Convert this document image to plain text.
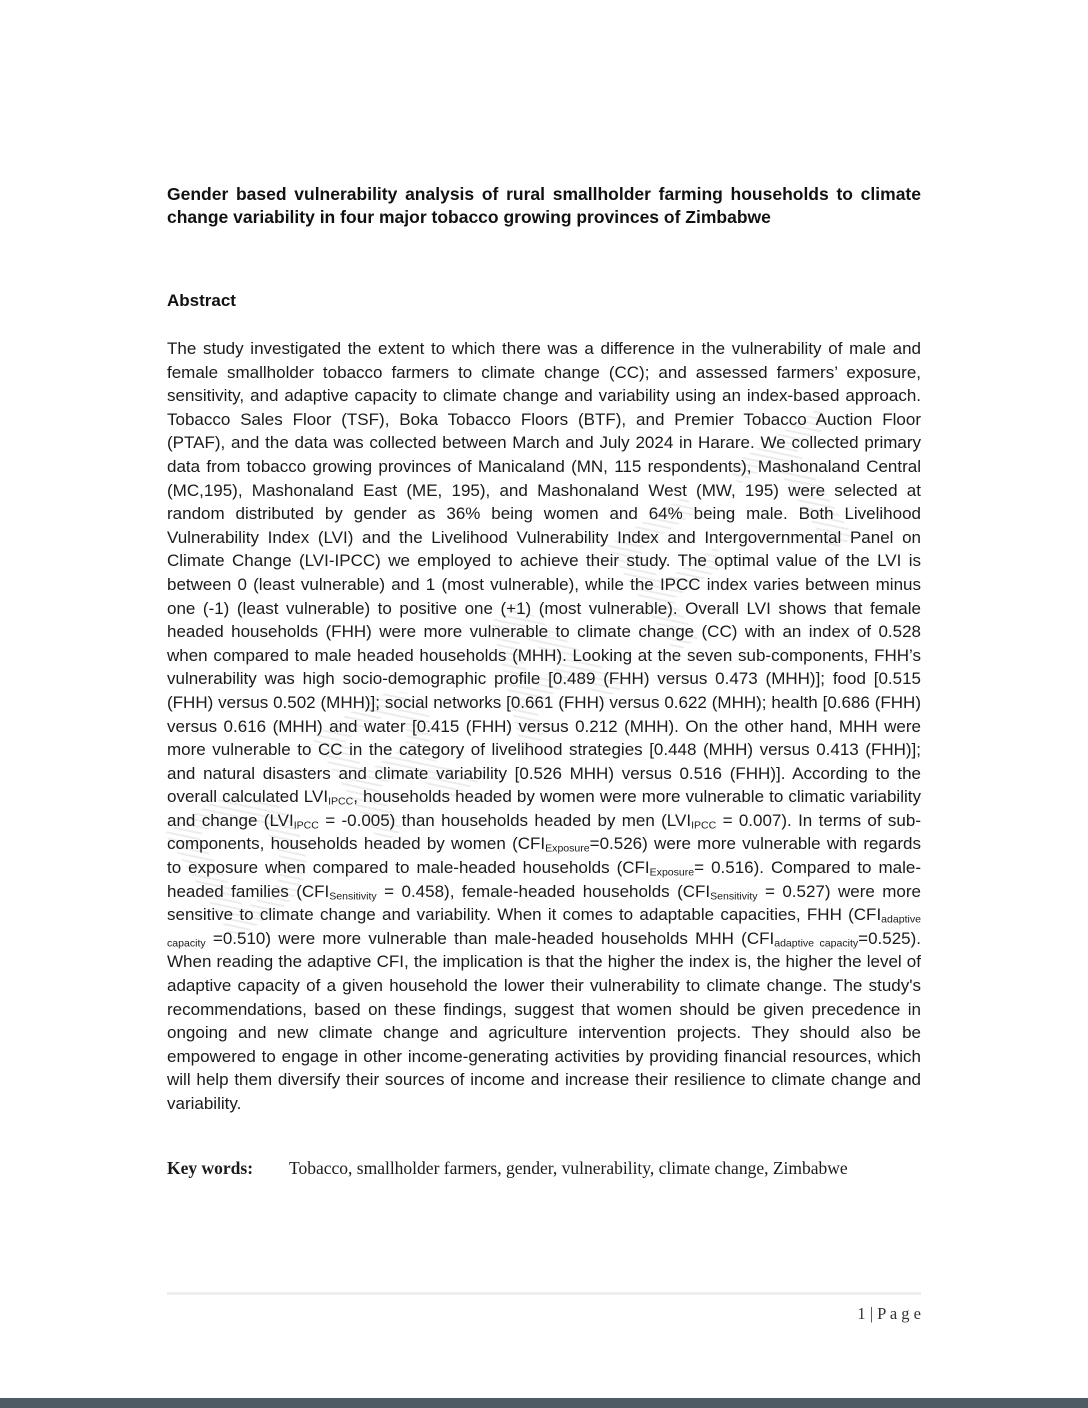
DRAFT
Gender based vulnerability analysis of rural smallholder farming households to climate change variability in four major tobacco growing provinces of Zimbabwe
Abstract

The study investigated the extent to which there was a difference in the vulnerability of male and female smallholder tobacco farmers to climate change (CC); and assessed farmers’ exposure, sensitivity, and adaptive capacity to climate change and variability using an index-based approach. Tobacco Sales Floor (TSF), Boka Tobacco Floors (BTF), and Premier Tobacco Auction Floor (PTAF), and the data was collected between March and July 2024 in Harare. We collected primary data from tobacco growing provinces of Manicaland (MN, 115 respondents), Mashonaland Central (MC,195), Mashonaland East (ME, 195), and Mashonaland West (MW, 195) were selected at random distributed by gender as 36% being women and 64% being male. Both Livelihood Vulnerability Index (LVI) and the Livelihood Vulnerability Index and Intergovernmental Panel on Climate Change (LVI-IPCC) we employed to achieve their study. The optimal value of the LVI is between 0 (least vulnerable) and 1 (most vulnerable), while the IPCC index varies between minus one (-1) (least vulnerable) to positive one (+1) (most vulnerable). Overall LVI shows that female headed households (FHH) were more vulnerable to climate change (CC) with an index of 0.528 when compared to male headed households (MHH). Looking at the seven sub-components, FHH’s vulnerability was high socio-demographic profile [0.489 (FHH) versus 0.473 (MHH)]; food [0.515 (FHH) versus 0.502 (MHH)]; social networks [0.661 (FHH) versus 0.622 (MHH); health [0.686 (FHH) versus 0.616 (MHH) and water [0.415 (FHH) versus 0.212 (MHH). On the other hand, MHH were more vulnerable to CC in the category of livelihood strategies [0.448 (MHH) versus 0.413 (FHH)]; and natural disasters and climate variability [0.526 MHH) versus 0.516 (FHH)]. According to the overall calculated $LVI_{IPCC}$, households headed by women were more vulnerable to climatic variability and change $(LVI_{IPCC} = -0.005)$ than households headed by men $(LVI_{IPCC} = 0.007)$. In terms of sub-components, households headed by women $(CFI_{Exposure}=0.526)$ were more vulnerable with regards to exposure when compared to male-headed households $(CFI_{Exposure}= 0.516)$. Compared to male-headed families $(CFI_{Sensitivity} = 0.458)$, female-headed households $(CFI_{Sensitivity} = 0.527)$ were more sensitive to climate change and variability. When it comes to adaptable capacities, FHH $(CFI_{adaptive capacity} =0.510)$ were more vulnerable than male-headed households MHH $(CFI_{adaptive capacity}=0.525)$. When reading the adaptive CFI, the implication is that the higher the index is, the higher the level of adaptive capacity of a given household the lower their vulnerability to climate change. The study's recommendations, based on these findings, suggest that women should be given precedence in ongoing and new climate change and agriculture intervention projects. They should also be empowered to engage in other income-generating activities by providing financial resources, which will help them diversify their sources of income and increase their resilience to climate change and variability.

Key words:	Tobacco, smallholder farmers, gender, vulnerability, climate change, Zimbabwe
1 | P a g e
